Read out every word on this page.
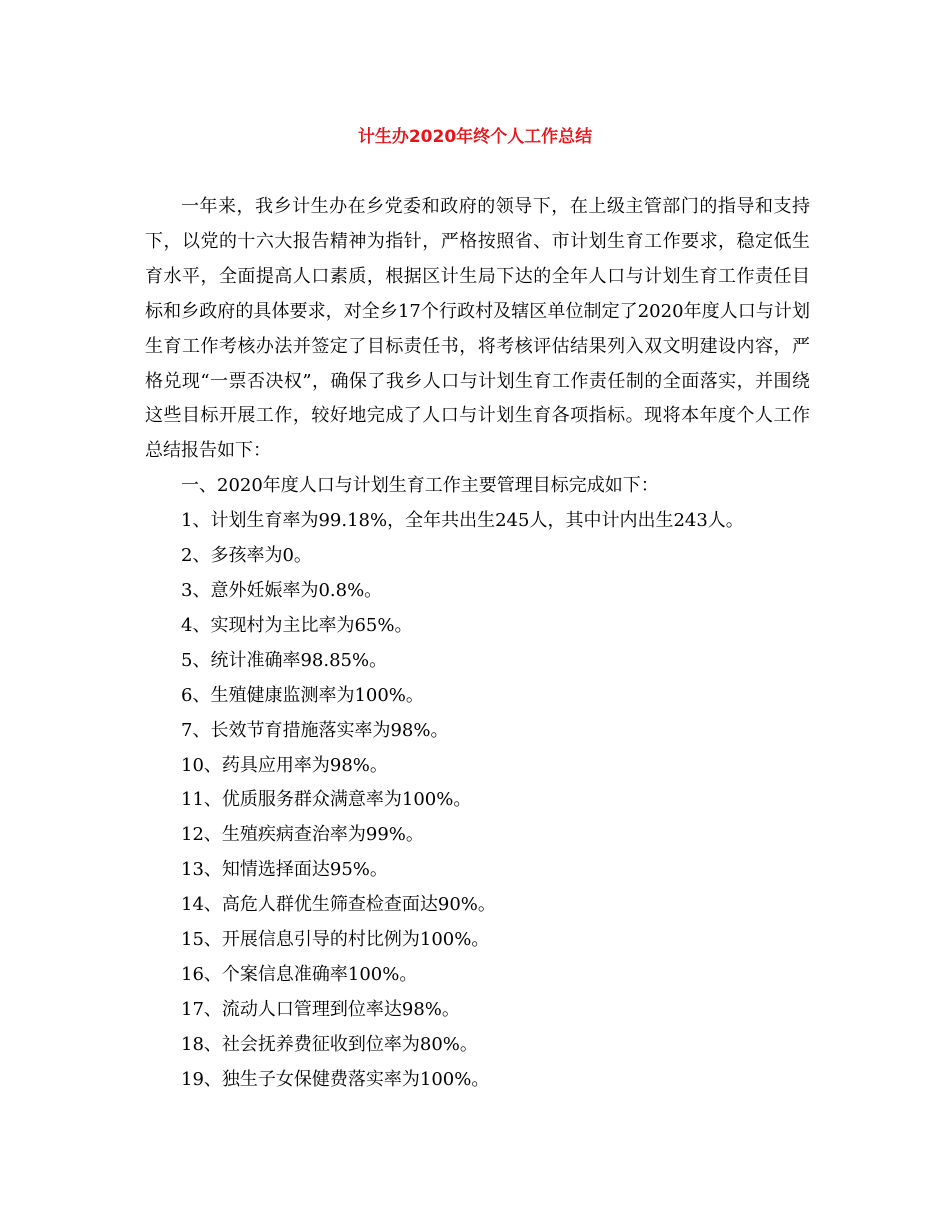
计生办2020年终个人工作总结

一年来，我乡计生办在乡党委和政府的领导下，在上级主管部门的指导和支持下，以党的十六大报告精神为指针，严格按照省、市计划生育工作要求，稳定低生育水平，全面提高人口素质，根据区计生局下达的全年人口与计划生育工作责任目标和乡政府的具体要求，对全乡17个行政村及辖区单位制定了2020年度人口与计划生育工作考核办法并签定了目标责任书，将考核评估结果列入双文明建设内容，严格兑现“一票否决权”，确保了我乡人口与计划生育工作责任制的全面落实，并围绕这些目标开展工作，较好地完成了人口与计划生育各项指标。现将本年度个人工作总结报告如下：

一、2020年度人口与计划生育工作主要管理目标完成如下：

1、计划生育率为99.18%，全年共出生245人，其中计内出生243人。

2、多孩率为0。

3、意外妊娠率为0.8%。

4、实现村为主比率为65%。

5、统计准确率98.85%。

6、生殖健康监测率为100%。

7、长效节育措施落实率为98%。

10、药具应用率为98%。

11、优质服务群众满意率为100%。

12、生殖疾病查治率为99%。

13、知情选择面达95%。

14、高危人群优生筛查检查面达90%。

15、开展信息引导的村比例为100%。

16、个案信息准确率100%。

17、流动人口管理到位率达98%。

18、社会抚养费征收到位率为80%。

19、独生子女保健费落实率为100%。
